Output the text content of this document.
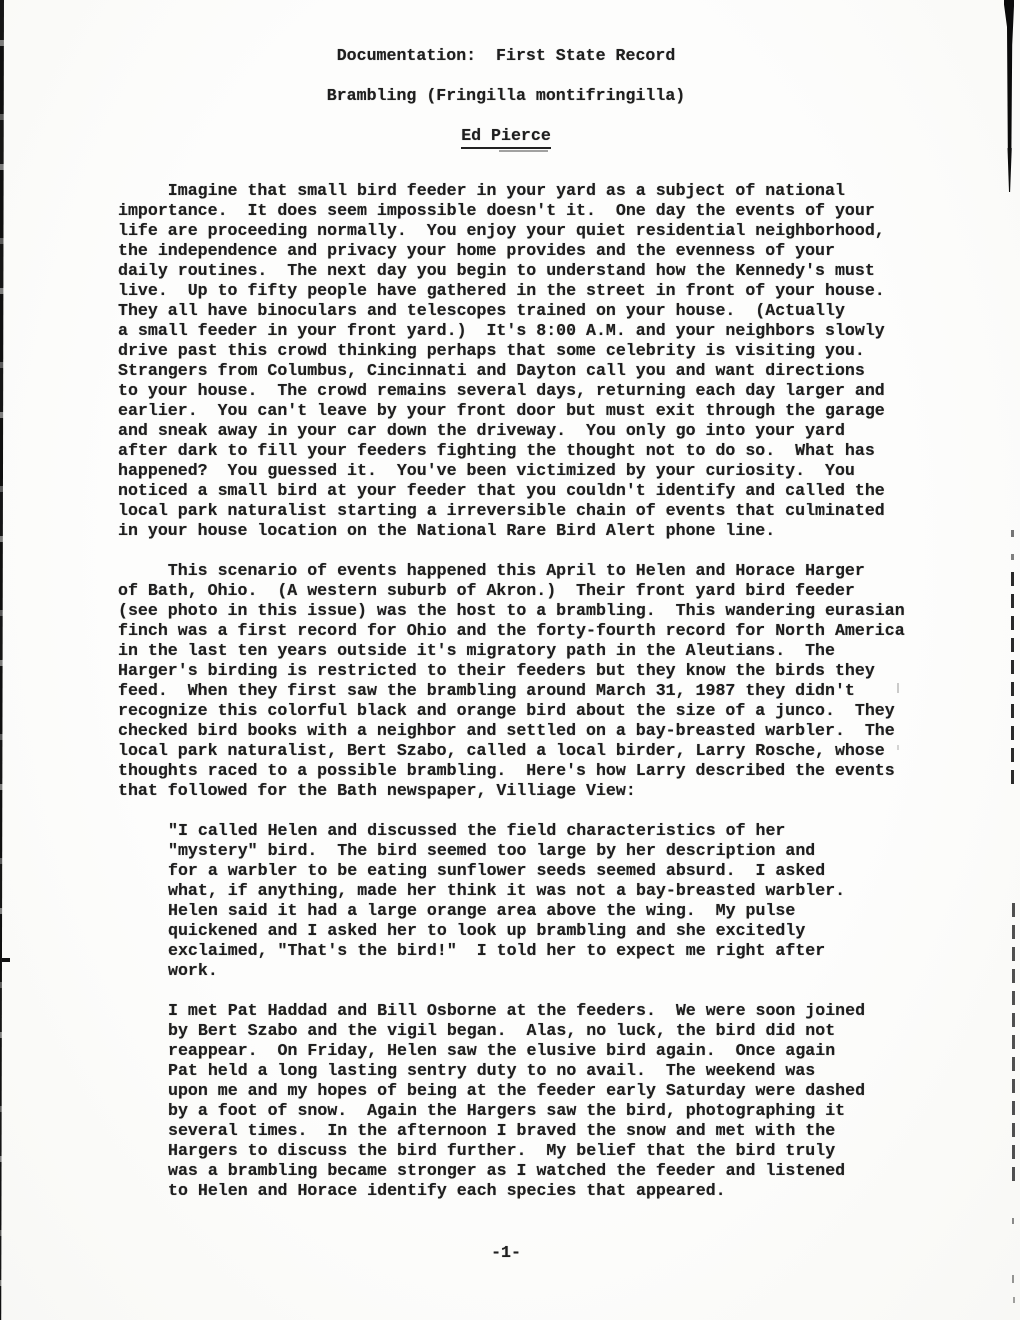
Documentation:  First State Record
Brambling (Fringilla montifringilla)
Ed Pierce
Imagine that small bird feeder in your yard as a subject of national
importance.  It does seem impossible doesn't it.  One day the events of your
life are proceeding normally.  You enjoy your quiet residential neighborhood,
the independence and privacy your home provides and the evenness of your
daily routines.  The next day you begin to understand how the Kennedy's must
live.  Up to fifty people have gathered in the street in front of your house.
They all have binoculars and telescopes trained on your house.  (Actually
a small feeder in your front yard.)  It's 8:00 A.M. and your neighbors slowly
drive past this crowd thinking perhaps that some celebrity is visiting you.
Strangers from Columbus, Cincinnati and Dayton call you and want directions
to your house.  The crowd remains several days, returning each day larger and
earlier.  You can't leave by your front door but must exit through the garage
and sneak away in your car down the driveway.  You only go into your yard
after dark to fill your feeders fighting the thought not to do so.  What has
happened?  You guessed it.  You've been victimized by your curiosity.  You
noticed a small bird at your feeder that you couldn't identify and called the
local park naturalist starting a irreversible chain of events that culminated
in your house location on the National Rare Bird Alert phone line.
This scenario of events happened this April to Helen and Horace Harger
of Bath, Ohio.  (A western suburb of Akron.)  Their front yard bird feeder
(see photo in this issue) was the host to a brambling.  This wandering eurasian
finch was a first record for Ohio and the forty-fourth record for North America
in the last ten years outside it's migratory path in the Aleutians.  The
Harger's birding is restricted to their feeders but they know the birds they
feed.  When they first saw the brambling around March 31, 1987 they didn't
recognize this colorful black and orange bird about the size of a junco.  They
checked bird books with a neighbor and settled on a bay-breasted warbler.  The
local park naturalist, Bert Szabo, called a local birder, Larry Rosche, whose
thoughts raced to a possible brambling.  Here's how Larry described the events
that followed for the Bath newspaper, Villiage View:
"I called Helen and discussed the field characteristics of her
"mystery" bird.  The bird seemed too large by her description and
for a warbler to be eating sunflower seeds seemed absurd.  I asked
what, if anything, made her think it was not a bay-breasted warbler.
Helen said it had a large orange area above the wing.  My pulse
quickened and I asked her to look up brambling and she excitedly
exclaimed, "That's the bird!"  I told her to expect me right after
work.
I met Pat Haddad and Bill Osborne at the feeders.  We were soon joined
by Bert Szabo and the vigil began.  Alas, no luck, the bird did not
reappear.  On Friday, Helen saw the elusive bird again.  Once again
Pat held a long lasting sentry duty to no avail.  The weekend was
upon me and my hopes of being at the feeder early Saturday were dashed
by a foot of snow.  Again the Hargers saw the bird, photographing it
several times.  In the afternoon I braved the snow and met with the
Hargers to discuss the bird further.  My belief that the bird truly
was a brambling became stronger as I watched the feeder and listened
to Helen and Horace identify each species that appeared.
-1-
